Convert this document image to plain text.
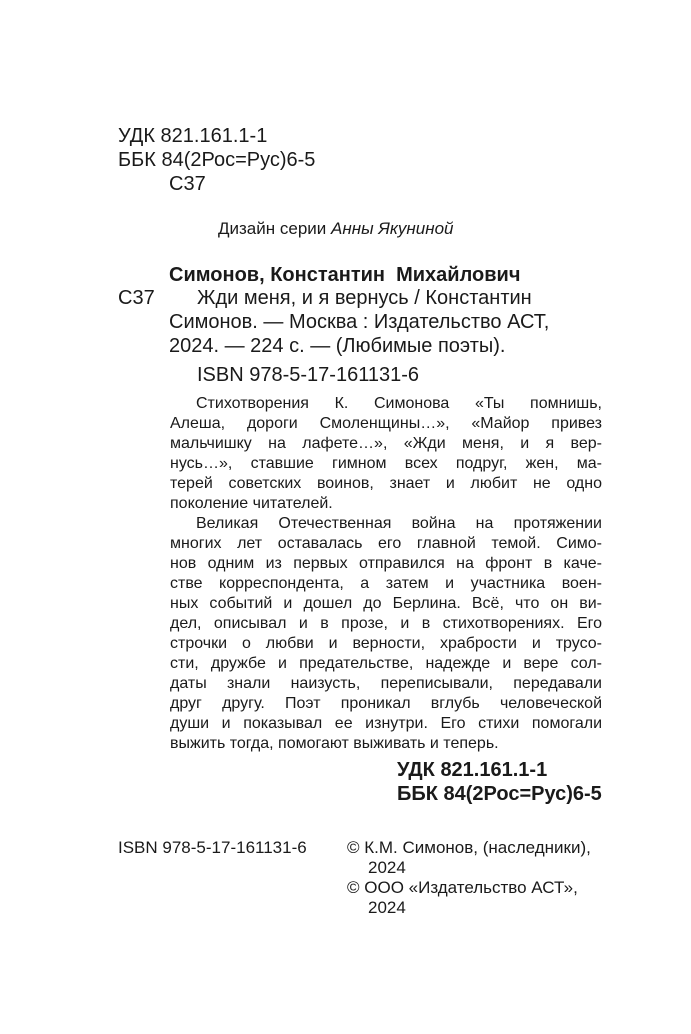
УДК 821.161.1-1
ББК 84(2Рос=Рус)6-5
С37
Дизайн серии Анны Якуниной
Симонов, Константин  Михайлович
С37 Жди меня, и я вернусь / Константин
Симонов. — Москва : Издательство АСТ,
2024. — 224 с. — (Любимые поэты).
ISBN 978-5-17-161131-6
Стихотворения К. Симонова «Ты помнишь,
Алеша, дороги Смоленщины…», «Майор привез
мальчишку на лафете…», «Жди меня, и я вер-
нусь…», ставшие гимном всех подруг, жен, ма-
терей советских воинов, знает и любит не одно
поколение читателей.
Великая Отечественная война на протяжении
многих лет оставалась его главной темой. Симо-
нов одним из первых отправился на фронт в каче-
стве корреспондента, а затем и участника воен-
ных событий и дошел до Берлина. Всё, что он ви-
дел, описывал и в прозе, и в стихотворениях. Его
строчки о любви и верности, храбрости и трусо-
сти, дружбе и предательстве, надежде и вере сол-
даты знали наизусть, переписывали, передавали
друг другу. Поэт проникал вглубь человеческой
души и показывал ее изнутри. Его стихи помогали
выжить тогда, помогают выживать и теперь.
УДК 821.161.1-1
ББК 84(2Рос=Рус)6-5
ISBN 978-5-17-161131-6 © К.М. Симонов, (наследники),
2024
© ООО «Издательство АСТ»,
2024
